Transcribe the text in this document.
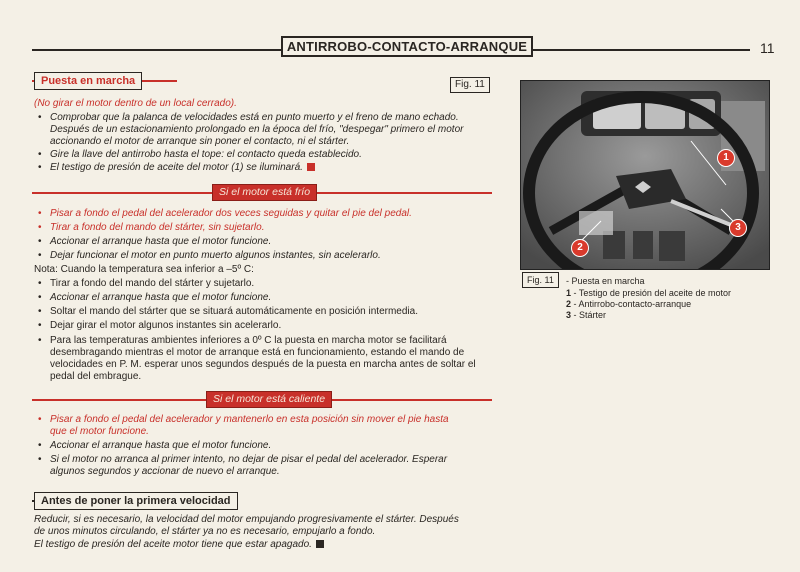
ANTIRROBO-CONTACTO-ARRANQUE	11
Puesta en marcha	Fig. 11
(No girar el motor dentro de un local cerrado).
• Comprobar que la palanca de velocidades está en punto muerto y el freno de mano echado.
Después de un estacionamiento prolongado en la época del frío, "despegar" primero el motor
accionando el motor de arranque sin poner el contacto, ni el stárter.
• Gire la llave del antirrobo hasta el tope: el contacto queda establecido.
• El testigo de presión de aceite del motor (1) se iluminará.
Si el motor está frío
• Pisar a fondo el pedal del acelerador dos veces seguidas y quitar el pie del pedal.
• Tirar a fondo del mando del stárter, sin sujetarlo.
• Accionar el arranque hasta que el motor funcione.
• Dejar funcionar el motor en punto muerto algunos instantes, sin acelerarlo.
Nota: Cuando la temperatura sea inferior a –5º C:
• Tirar a fondo del mando del stárter y sujetarlo.
• Accionar el arranque hasta que el motor funcione.
• Soltar el mando del stárter que se situará automáticamente en posición intermedia.
• Dejar girar el motor algunos instantes sin acelerarlo.
• Para las temperaturas ambientes inferiores a 0º C la puesta en marcha motor se facilitará
desembragando mientras el motor de arranque está en funcionamiento, estando el mando de
velocidades en P. M. esperar unos segundos después de la puesta en marcha antes de soltar el
pedal del embrague.
Si el motor está caliente
• Pisar a fondo el pedal del acelerador y mantenerlo en esta posición sin mover el pie hasta
que el motor funcione.
• Accionar el arranque hasta que el motor funcione.
• Si el motor no arranca al primer intento, no dejar de pisar el pedal del acelerador. Esperar
algunos segundos y accionar de nuevo el arranque.
Antes de poner la primera velocidad
Reducir, si es necesario, la velocidad del motor empujando progresivamente el stárter. Después
de unos minutos circulando, el stárter ya no es necesario, empujarlo a fondo.
El testigo de presión del aceite motor tiene que estar apagado.
1
2
3
Fig. 11	- Puesta en marcha
1 - Testigo de presión del aceite de motor
2 - Antirrobo-contacto-arranque
3 - Stárter
